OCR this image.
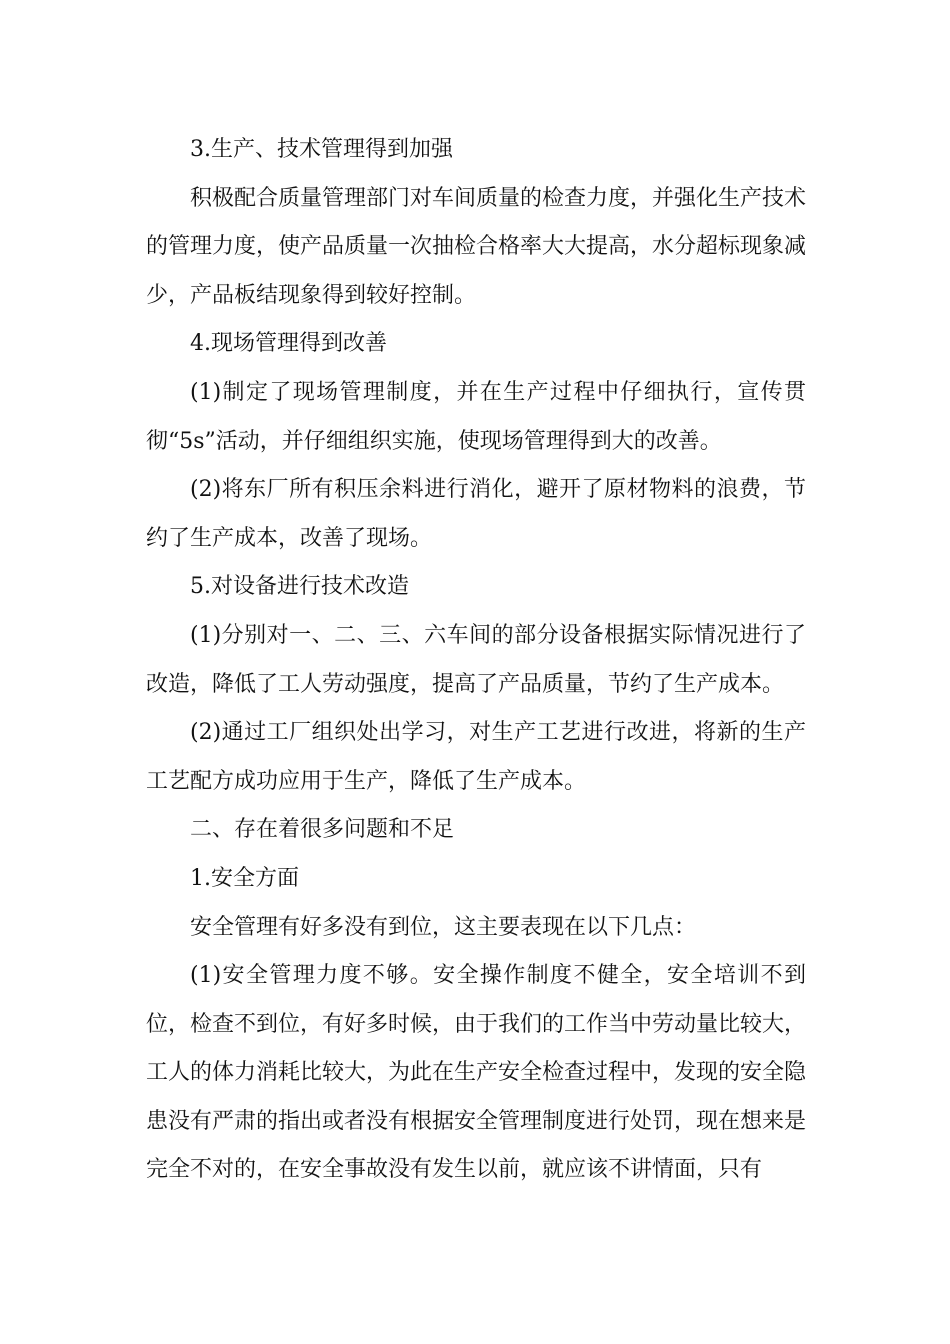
3.生产、技术管理得到加强

积极配合质量管理部门对车间质量的检查力度，并强化生产技术的管理力度，使产品质量一次抽检合格率大大提高，水分超标现象减少，产品板结现象得到较好控制。

4.现场管理得到改善

(1)制定了现场管理制度，并在生产过程中仔细执行，宣传贯彻“5s”活动，并仔细组织实施，使现场管理得到大的改善。

(2)将东厂所有积压余料进行消化，避开了原材物料的浪费，节约了生产成本，改善了现场。

5.对设备进行技术改造

(1)分别对一、二、三、六车间的部分设备根据实际情况进行了改造，降低了工人劳动强度，提高了产品质量，节约了生产成本。

(2)通过工厂组织处出学习，对生产工艺进行改进，将新的生产工艺配方成功应用于生产，降低了生产成本。

二、存在着很多问题和不足

1.安全方面

安全管理有好多没有到位，这主要表现在以下几点：

(1)安全管理力度不够。安全操作制度不健全，安全培训不到位，检查不到位，有好多时候，由于我们的工作当中劳动量比较大，工人的体力消耗比较大，为此在生产安全检查过程中，发现的安全隐患没有严肃的指出或者没有根据安全管理制度进行处罚，现在想来是完全不对的，在安全事故没有发生以前，就应该不讲情面，只有
